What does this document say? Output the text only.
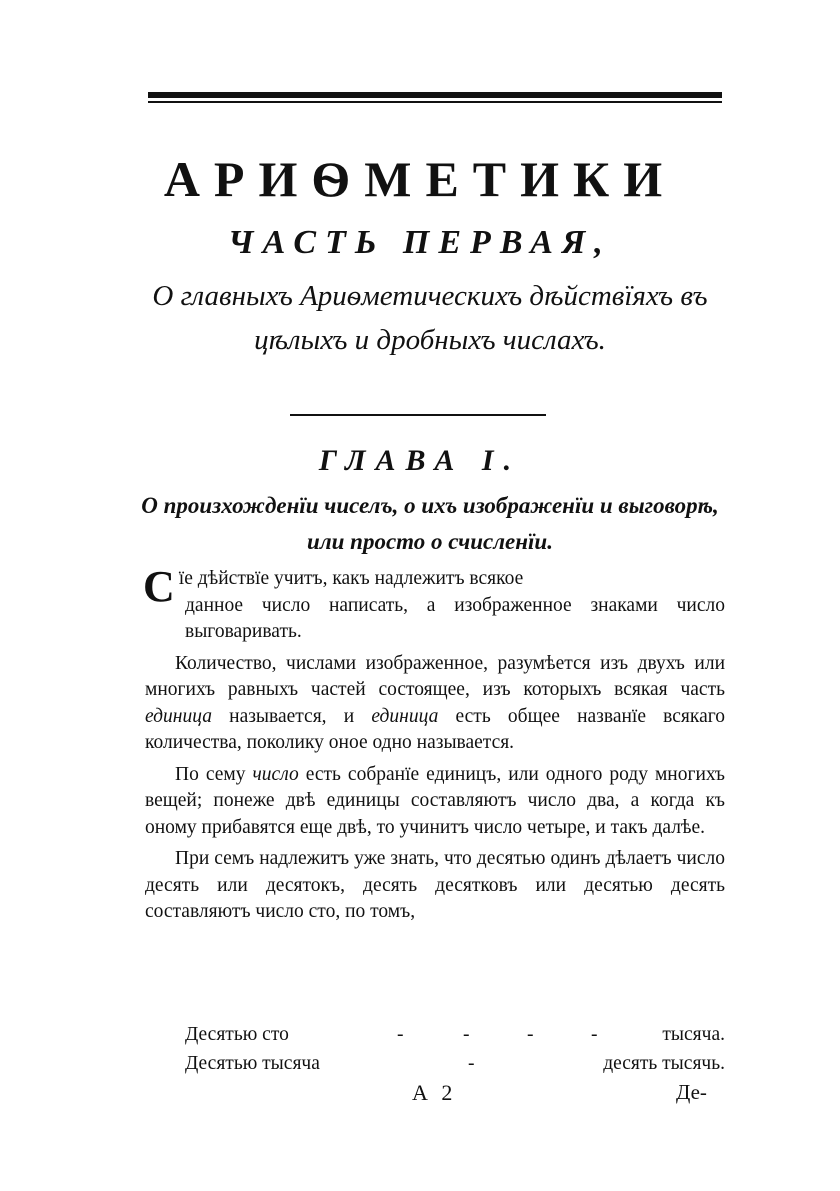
АРИѲМЕТИКИ
ЧАСТЬ ПЕРВАЯ,
О главныхъ Ариѳметическихъ дѣйствїяхъ въ цѣлыхъ и дробныхъ числахъ.
ГЛАВА I.
О произхожденїи чиселъ, о ихъ изображенїи и выговорѣ, или просто о счисленїи.

С їе дѣйствїе учитъ, какъ надлежитъ всякое
данное число написать, а изображенное знаками число выговаривать.

Количество, числами изображенное, разумѣется изъ двухъ или многихъ равныхъ частей состоящее, изъ которыхъ всякая часть единица называется, и единица есть общее названїе всякаго количества, поколику оное одно называется.

По сему число есть собранїе единицъ, или одного роду многихъ вещей; понеже двѣ единицы составляютъ число два, а когда къ оному прибавятся еще двѣ, то учинитъ число четыре, и такъ далѣе.

При семъ надлежитъ уже знать, что десятью одинъ дѣлаетъ число десять или десятокъ, десять десятковъ или десятью десять составляютъ число сто, по томъ,

Десятью сто	-	-	-	-	тысяча.
Десятью тысяча	-	десять тысячь.
А 2	Де-
